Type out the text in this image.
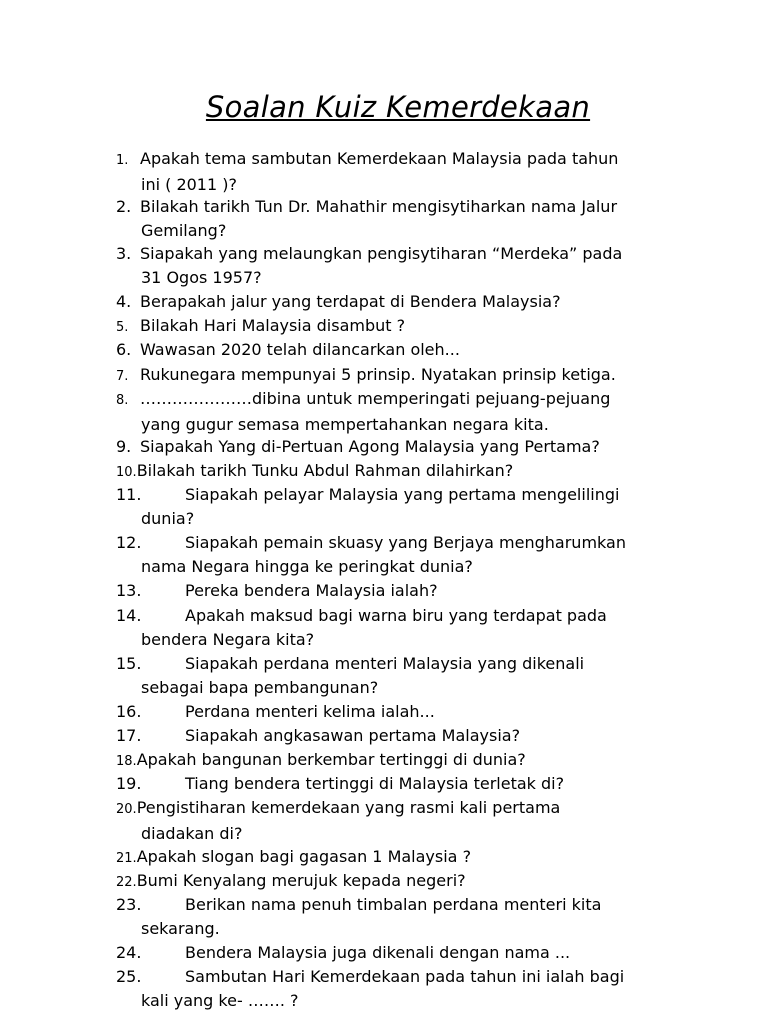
Soalan Kuiz Kemerdekaan
1. Apakah tema sambutan Kemerdekaan Malaysia pada tahun
ini ( 2011 )?
2. Bilakah tarikh Tun Dr. Mahathir mengisytiharkan nama Jalur
Gemilang?
3. Siapakah yang melaungkan pengisytiharan “Merdeka” pada
31 Ogos 1957?
4. Berapakah jalur yang terdapat di Bendera Malaysia?
5. Bilakah Hari Malaysia disambut ?
6. Wawasan 2020 telah dilancarkan oleh...
7. Rukunegara mempunyai 5 prinsip. Nyatakan prinsip ketiga.
8. …………………dibina untuk memperingati pejuang-pejuang
yang gugur semasa mempertahankan negara kita.
9. Siapakah Yang di-Pertuan Agong Malaysia yang Pertama?
10.Bilakah tarikh Tunku Abdul Rahman dilahirkan?
11.	Siapakah pelayar Malaysia yang pertama mengelilingi
dunia?
12.	Siapakah pemain skuasy yang Berjaya mengharumkan
nama Negara hingga ke peringkat dunia?
13.	Pereka bendera Malaysia ialah?
14.	Apakah maksud bagi warna biru yang terdapat pada
bendera Negara kita?
15.	Siapakah perdana menteri Malaysia yang dikenali
sebagai bapa pembangunan?
16.	Perdana menteri kelima ialah...
17.	Siapakah angkasawan pertama Malaysia?
18.Apakah bangunan berkembar tertinggi di dunia?
19.	Tiang bendera tertinggi di Malaysia terletak di?
20.Pengistiharan kemerdekaan yang rasmi kali pertama
diadakan di?
21.Apakah slogan bagi gagasan 1 Malaysia ?
22.Bumi Kenyalang merujuk kepada negeri?
23.	Berikan nama penuh timbalan perdana menteri kita
sekarang.
24.	Bendera Malaysia juga dikenali dengan nama ...
25.	Sambutan Hari Kemerdekaan pada tahun ini ialah bagi
kali yang ke- ……. ?
